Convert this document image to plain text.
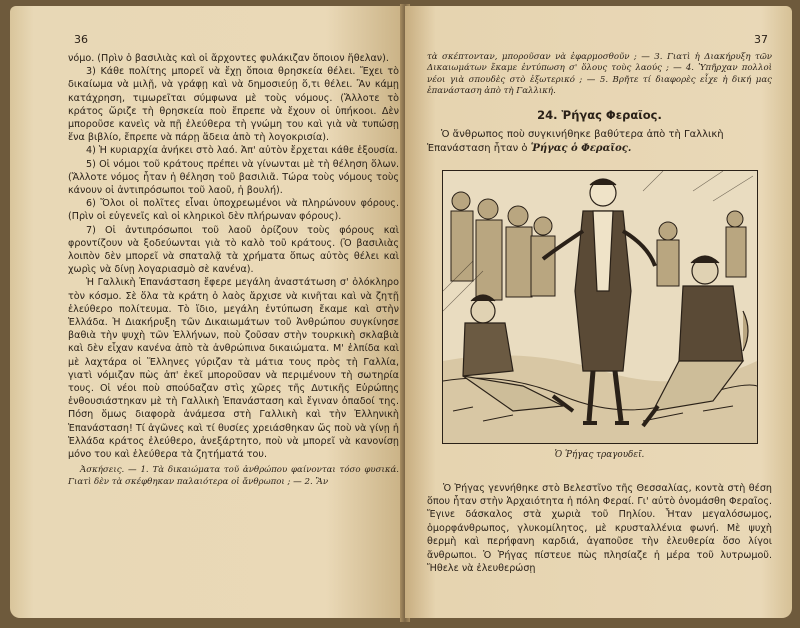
36

νόμο. (Πρὶν ὁ βασιλιὰς καὶ οἱ ἄρχοντες φυλάκιζαν ὅποιον ἤθελαν).

3) Κάθε πολίτης μπορεῖ νὰ ἔχῃ ὅποια θρησκεία θέλει. Ἔχει τὸ δικαίωμα νὰ μιλῇ, νὰ γράφῃ καὶ νὰ δημοσιεύῃ ὅ,τι θέλει. Ἂν κάμῃ κατάχρηση, τιμωρεῖται σύμφωνα μὲ τοὺς νόμους. (Ἄλλοτε τὸ κράτος ὥριζε τὴ θρησκεία ποὺ ἔπρεπε νὰ ἔχουν οἱ ὑπήκοοι. Δὲν μποροῦσε κανεὶς νὰ πῇ ἐλεύθερα τὴ γνώμη του καὶ γιὰ νὰ τυπώσῃ ἕνα βιβλίο, ἔπρεπε νὰ πάρῃ ἄδεια ἀπὸ τὴ λογοκρισία).

4) Ἡ κυριαρχία ἀνήκει στὸ λαό. Ἀπ' αὐτὸν ἔρχεται κάθε ἐξουσία.

5) Οἱ νόμοι τοῦ κράτους πρέπει νὰ γίνωνται μὲ τὴ θέληση ὅλων. (Ἄλλοτε νόμος ἦταν ἡ θέληση τοῦ βασιλιᾶ. Τώρα τοὺς νόμους τοὺς κάνουν οἱ ἀντιπρόσωποι τοῦ λαοῦ, ἡ βουλή).

6) Ὅλοι οἱ πολῖτες εἶναι ὑποχρεωμένοι νὰ πληρώνουν φόρους. (Πρὶν οἱ εὐγενεῖς καὶ οἱ κληρικοὶ δὲν πλήρωναν φόρους).

7) Οἱ ἀντιπρόσωποι τοῦ λαοῦ ὁρίζουν τοὺς φόρους καὶ φροντίζουν νὰ ξοδεύωνται γιὰ τὸ καλὸ τοῦ κράτους. (Ὁ βασιλιὰς λοιπὸν δὲν μπορεῖ νὰ σπαταλᾷ τὰ χρήματα ὅπως αὐτὸς θέλει καὶ χωρὶς νὰ δίνῃ λογαριασμὸ σὲ κανένα).

Ἡ Γαλλικὴ Ἐπανάσταση ἔφερε μεγάλη ἀναστάτωση σ' ὁλόκληρο τὸν κόσμο. Σὲ ὅλα τὰ κράτη ὁ λαὸς ἄρχισε νὰ κινῆται καὶ νὰ ζητῇ ἐλεύθερο πολίτευμα. Τὸ ἴδιο, μεγάλη ἐντύπωση ἔκαμε καὶ στὴν Ἑλλάδα. Ἡ Διακήρυξη τῶν Δικαιωμάτων τοῦ Ἀνθρώπου συγκίνησε βαθιὰ τὴν ψυχὴ τῶν Ἑλλήνων, ποὺ ζοῦσαν στὴν τουρκικὴ σκλαβιὰ καὶ δὲν εἶχαν κανένα ἀπὸ τὰ ἀνθρώπινα δικαιώματα. Μ' ἐλπίδα καὶ μὲ λαχτάρα οἱ Ἕλληνες γύριζαν τὰ μάτια τους πρὸς τὴ Γαλλία, γιατὶ νόμιζαν πὼς ἀπ' ἐκεῖ μποροῦσαν νὰ περιμένουν τὴ σωτηρία τους. Οἱ νέοι ποὺ σπούδαζαν στὶς χῶρες τῆς Δυτικῆς Εὐρώπης ἐνθουσιάστηκαν μὲ τὴ Γαλλικὴ Ἐπανάσταση καὶ ἔγιναν ὀπαδοί της. Πόση ὅμως διαφορὰ ἀνάμεσα στὴ Γαλλικὴ καὶ τὴν Ἑλληνικὴ Ἐπανάσταση! Τί ἀγῶνες καὶ τί θυσίες χρειάσθηκαν ὥς ποὺ νὰ γίνῃ ἡ Ἑλλάδα κράτος ἐλεύθερο, ἀνεξάρτητο, ποὺ νὰ μπορεῖ νὰ κανονίσῃ μόνο του καὶ ἐλεύθερα τὰ ζητήματά του.

Ἀσκήσεις. — 1. Τὰ δικαιώματα τοῦ ἀνθρώπου φαίνονται τόσο φυσικά. Γιατὶ δὲν τὰ σκέφθηκαν παλαιότερα οἱ ἄνθρωποι ; — 2. Ἂν
37
τὰ σκέπτονταν, μποροῦσαν νὰ ἐφαρμοσθοῦν ; — 3. Γιατὶ ἡ Διακήρυξη τῶν Δικαιωμάτων ἔκαμε ἐντύπωση σ' ὅλους τοὺς λαούς ; — 4. Ὑπῆρχαν πολλοὶ νέοι γιὰ σπουδὲς στὸ ἐξωτερικό ; — 5. Βρῆτε τί διαφορὲς εἶχε ἡ δική μας ἐπανάσταση ἀπὸ τὴ Γαλλική.
24. Ῥήγας Φεραῖος.

Ὁ ἄνθρωπος ποὺ συγκινήθηκε βαθύτερα ἀπὸ τὴ Γαλλικὴ Ἐπανάσταση ἦταν ὁ Ῥήγας ὁ Φεραῖος.

Ὁ Ῥήγας τραγουδεῖ.

Ὁ Ῥήγας γεννήθηκε στὸ Βελεστῖνο τῆς Θεσσαλίας, κοντὰ στὴ θέση ὅπου ἦταν στὴν Ἀρχαιότητα ἡ πόλη Φεραί. Γι' αὐτὸ ὀνομάσθη Φεραῖος. Ἔγινε δάσκαλος στὰ χωριὰ τοῦ Πηλίου. Ἦταν μεγαλόσωμος, ὁμορφάνθρωπος, γλυκομίλητος, μὲ κρυσταλλένια φωνή. Μὲ ψυχὴ θερμὴ καὶ περήφανη καρδιά, ἀγαποῦσε τὴν ἐλευθερία ὅσο λίγοι ἄνθρωποι. Ὁ Ῥήγας πίστευε πὼς πλησίαζε ἡ μέρα τοῦ λυτρωμοῦ. Ἤθελε νὰ ἐλευθερώσῃ
